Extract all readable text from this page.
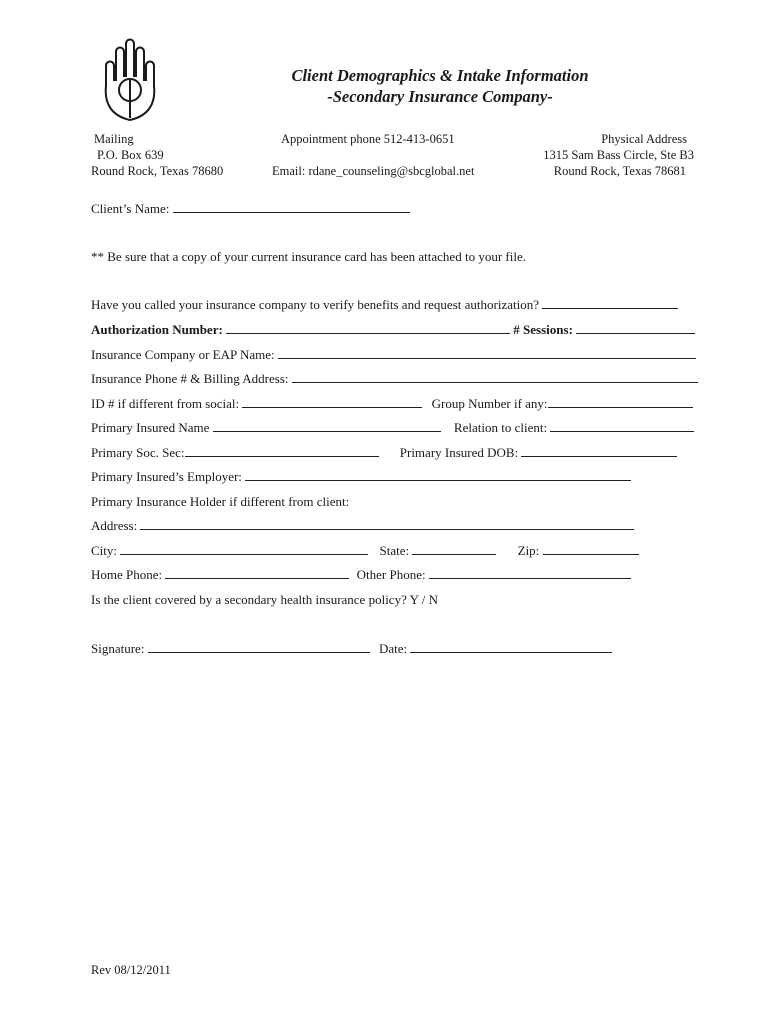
Client Demographics & Intake Information
-Secondary Insurance Company-
Mailing
P.O. Box 639
Round Rock, Texas 78680
Appointment phone 512-413-0651
Email: rdane_counseling@sbcglobal.net
Physical Address
1315 Sam Bass Circle, Ste B3
Round Rock, Texas 78681
Client’s Name:
** Be sure that a copy of your current insurance card has been attached to your file.
Have you called your insurance company to verify benefits and request authorization?
Authorization Number:	# Sessions:
Insurance Company or EAP Name:
Insurance Phone # & Billing Address:
ID # if different from social:	Group Number if any:
Primary Insured Name	Relation to client:
Primary Soc. Sec:	Primary Insured DOB:
Primary Insured’s Employer:
Primary Insurance Holder if different from client:
Address:
City:	State:	Zip:
Home Phone:	Other Phone:
Is the client covered by a secondary health insurance policy? Y / N
Signature:	Date:
Rev 08/12/2011
